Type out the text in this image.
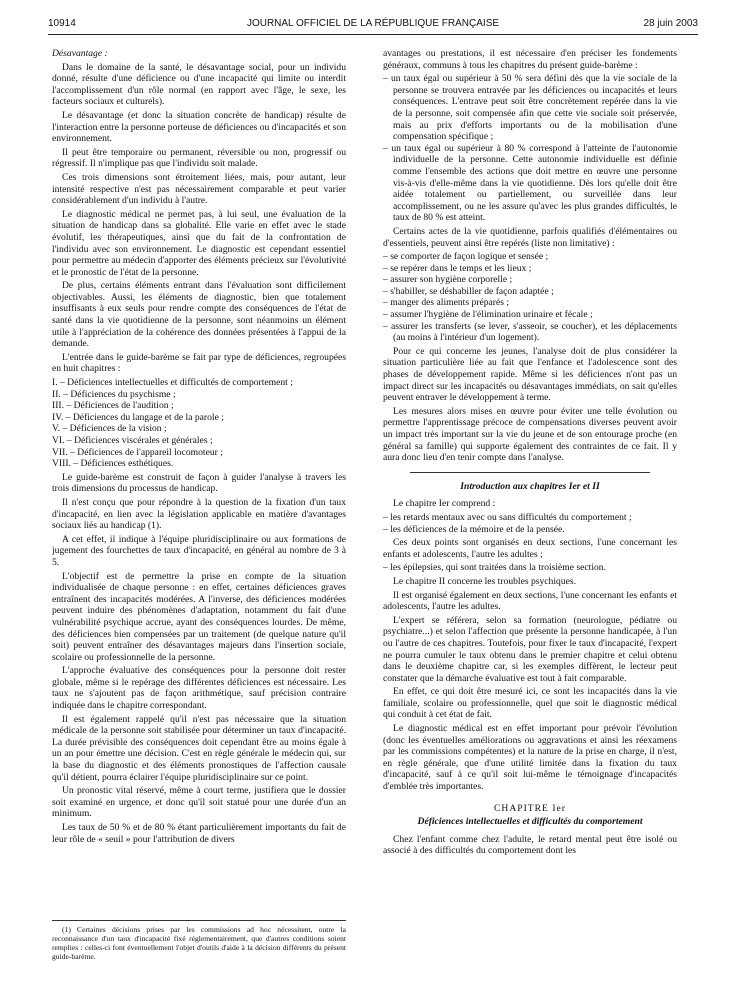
10914	JOURNAL OFFICIEL DE LA RÉPUBLIQUE FRANÇAISE	28 juin 2003

Désavantage :

Dans le domaine de la santé, le désavantage social, pour un individu donné, résulte d'une déficience ou d'une incapacité qui limite ou interdit l'accomplissement d'un rôle normal (en rapport avec l'âge, le sexe, les facteurs sociaux et culturels).

Le désavantage (et donc la situation concrète de handicap) résulte de l'interaction entre la personne porteuse de déficiences ou d'incapacités et son environnement.

Il peut être temporaire ou permanent, réversible ou non, progressif ou régressif. Il n'implique pas que l'individu soit malade.

Ces trois dimensions sont étroitement liées, mais, pour autant, leur intensité respective n'est pas nécessairement comparable et peut varier considérablement d'un individu à l'autre.

Le diagnostic médical ne permet pas, à lui seul, une évaluation de la situation de handicap dans sa globalité. Elle varie en effet avec le stade évolutif, les thérapeutiques, ainsi que du fait de la confrontation de l'individu avec son environnement. Le diagnostic est cependant essentiel pour permettre au médecin d'apporter des éléments précieux sur l'évolutivité et le pronostic de l'état de la personne.

De plus, certains éléments entrant dans l'évaluation sont difficilement objectivables. Aussi, les éléments de diagnostic, bien que totalement insuffisants à eux seuls pour rendre compte des conséquences de l'état de santé dans la vie quotidienne de la personne, sont néanmoins un élément utile à l'appréciation de la cohérence des données présentées à l'appui de la demande.

L'entrée dans le guide-barème se fait par type de déficiences, regroupées en huit chapitres :

I. – Déficiences intellectuelles et difficultés de comportement ;
II. – Déficiences du psychisme ;
III. – Déficiences de l'audition ;
IV. – Déficiences du langage et de la parole ;
V. – Déficiences de la vision ;
VI. – Déficiences viscérales et générales ;
VII. – Déficiences de l'appareil locomoteur ;
VIII. – Déficiences esthétiques.

Le guide-barème est construit de façon à guider l'analyse à travers les trois dimensions du processus de handicap.

Il n'est conçu que pour répondre à la question de la fixation d'un taux d'incapacité, en lien avec la législation applicable en matière d'avantages sociaux liés au handicap (1).

A cet effet, il indique à l'équipe pluridisciplinaire ou aux formations de jugement des fourchettes de taux d'incapacité, en général au nombre de 3 à 5.

L'objectif est de permettre la prise en compte de la situation individualisée de chaque personne : en effet, certaines déficiences graves entraînent des incapacités modérées. A l'inverse, des déficiences modérées peuvent induire des phénomènes d'adaptation, notamment du fait d'une vulnérabilité psychique accrue, ayant des conséquences lourdes. De même, des déficiences bien compensées par un traitement (de quelque nature qu'il soit) peuvent entraîner des désavantages majeurs dans l'insertion sociale, scolaire ou professionnelle de la personne.

L'approche évaluative des conséquences pour la personne doit rester globale, même si le repérage des différentes déficiences est nécessaire. Les taux ne s'ajoutent pas de façon arithmétique, sauf précision contraire indiquée dans le chapitre correspondant.

Il est également rappelé qu'il n'est pas nécessaire que la situation médicale de la personne soit stabilisée pour déterminer un taux d'incapacité. La durée prévisible des conséquences doit cependant être au moins égale à un an pour émettre une décision. C'est en règle générale le médecin qui, sur la base du diagnostic et des éléments pronostiques de l'affection causale qu'il détient, pourra éclairer l'équipe pluridisciplinaire sur ce point.

Un pronostic vital réservé, même à court terme, justifiera que le dossier soit examiné en urgence, et donc qu'il soit statué pour une durée d'un an minimum.

Les taux de 50 % et de 80 % étant particulièrement importants du fait de leur rôle de « seuil » pour l'attribution de divers

avantages ou prestations, il est nécessaire d'en préciser les fondements généraux, communs à tous les chapitres du présent guide-barème :

– un taux égal ou supérieur à 50 % sera défini dès que la vie sociale de la personne se trouvera entravée par les déficiences ou incapacités et leurs conséquences. L'entrave peut soit être concrètement repérée dans la vie de la personne, soit compensée afin que cette vie sociale soit préservée, mais au prix d'efforts importants ou de la mobilisation d'une compensation spécifique ;
– un taux égal ou supérieur à 80 % correspond à l'atteinte de l'autonomie individuelle de la personne. Cette autonomie individuelle est définie comme l'ensemble des actions que doit mettre en œuvre une personne vis-à-vis d'elle-même dans la vie quotidienne. Dès lors qu'elle doit être aidée totalement ou partiellement, ou surveillée dans leur accomplissement, ou ne les assure qu'avec les plus grandes difficultés, le taux de 80 % est atteint.

Certains actes de la vie quotidienne, parfois qualifiés d'élémentaires ou d'essentiels, peuvent ainsi être repérés (liste non limitative) :

– se comporter de façon logique et sensée ;
– se repérer dans le temps et les lieux ;
– assurer son hygiène corporelle ;
– s'habiller, se déshabiller de façon adaptée ;
– manger des aliments préparés ;
– assumer l'hygiène de l'élimination urinaire et fécale ;
– assurer les transferts (se lever, s'asseoir, se coucher), et les déplacements (au moins à l'intérieur d'un logement).

Pour ce qui concerne les jeunes, l'analyse doit de plus considérer la situation particulière liée au fait que l'enfance et l'adolescence sont des phases de développement rapide. Même si les déficiences n'ont pas un impact direct sur les incapacités ou désavantages immédiats, on sait qu'elles peuvent entraver le développement à terme.

Les mesures alors mises en œuvre pour éviter une telle évolution ou permettre l'apprentissage précoce de compensations diverses peuvent avoir un impact très important sur la vie du jeune et de son entourage proche (en général sa famille) qui supporte également des contraintes de ce fait. Il y aura donc lieu d'en tenir compte dans l'analyse.

Introduction aux chapitres Ier et II

Le chapitre Ier comprend :

– les retards mentaux avec ou sans difficultés du comportement ;
– les déficiences de la mémoire et de la pensée.

Ces deux points sont organisés en deux sections, l'une concernant les enfants et adolescents, l'autre les adultes ;

– les épilepsies, qui sont traitées dans la troisième section.

Le chapitre II concerne les troubles psychiques.

Il est organisé également en deux sections, l'une concernant les enfants et adolescents, l'autre les adultes.

L'expert se référera, selon sa formation (neurologue, pédiatre ou psychiatre...) et selon l'affection que présente la personne handicapée, à l'un ou l'autre de ces chapitres. Toutefois, pour fixer le taux d'incapacité, l'expert ne pourra cumuler le taux obtenu dans le premier chapitre et celui obtenu dans le deuxième chapitre car, si les exemples diffèrent, le lecteur peut constater que la démarche évaluative est tout à fait comparable.

En effet, ce qui doit être mesuré ici, ce sont les incapacités dans la vie familiale, scolaire ou professionnelle, quel que soit le diagnostic médical qui conduit à cet état de fait.

Le diagnostic médical est en effet important pour prévoir l'évolution (donc les éventuelles améliorations ou aggravations et ainsi les réexamens par les commissions compétentes) et la nature de la prise en charge, il n'est, en règle générale, que d'une utilité limitée dans la fixation du taux d'incapacité, sauf à ce qu'il soit lui-même le témoignage d'incapacités d'emblée très importantes.

CHAPITRE Ier

Déficiences intellectuelles et difficultés du comportement

Chez l'enfant comme chez l'adulte, le retard mental peut être isolé ou associé à des difficultés du comportement dont les

(1) Certaines décisions prises par les commissions ad hoc nécessitent, outre la reconnaissance d'un taux d'incapacité fixé réglementairement, que d'autres conditions soient remplies : celles-ci font éventuellement l'objet d'outils d'aide à la décision différents du présent guide-barème.
